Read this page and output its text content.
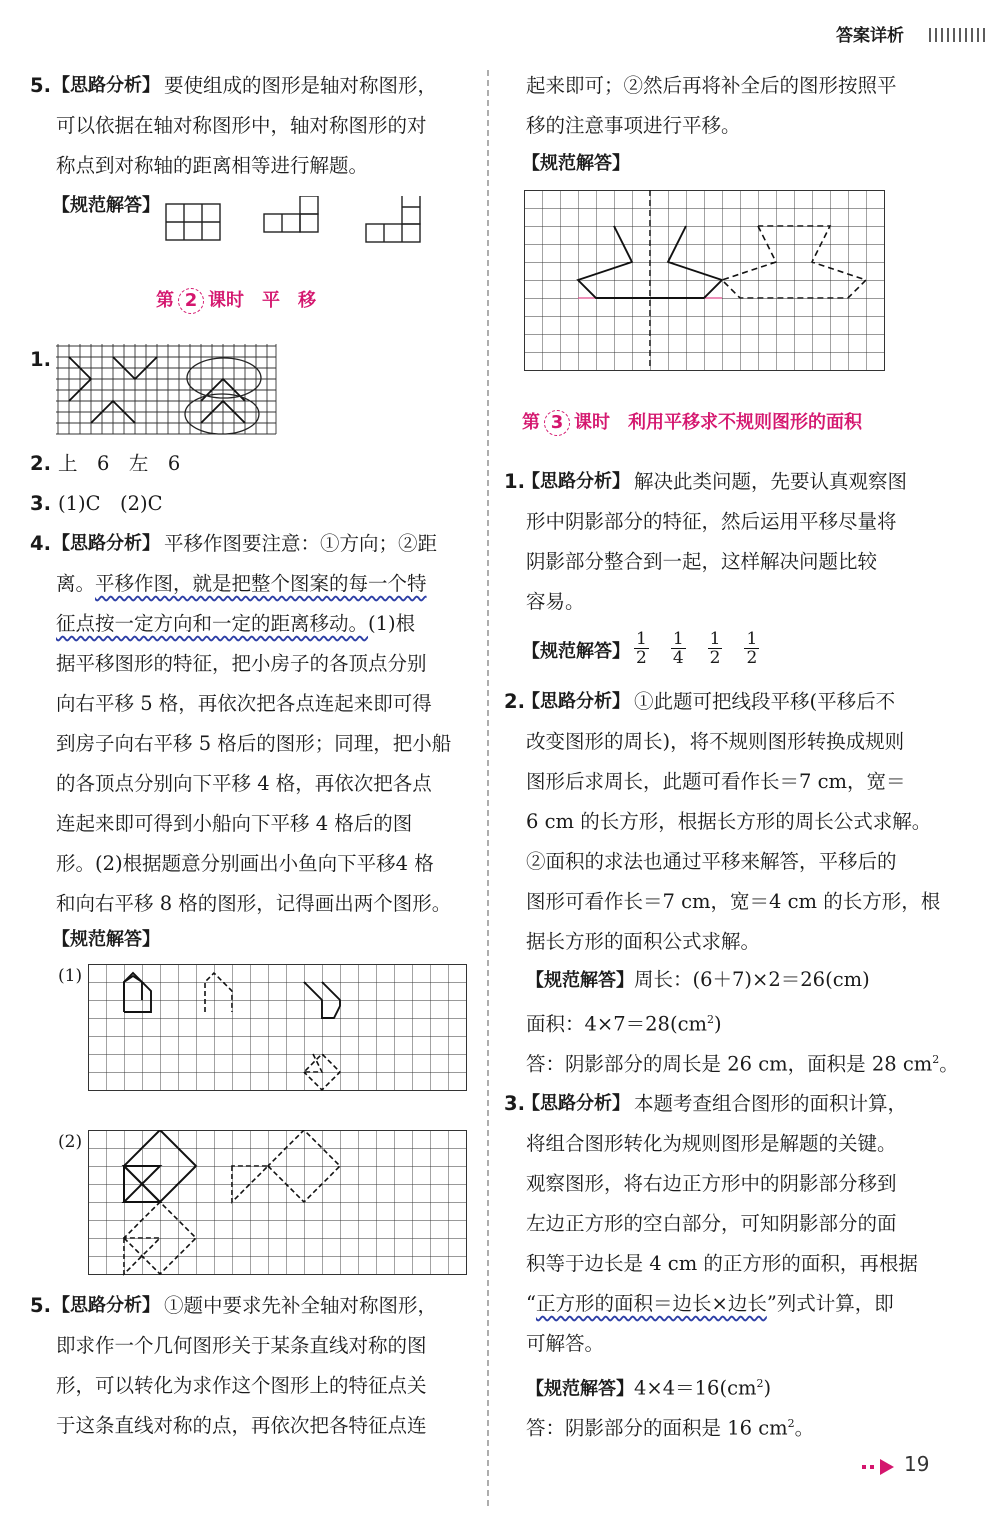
答案详析
5. 【思路分析】 要使组成的图形是轴对称图形，
可以依据在轴对称图形中，轴对称图形的对
称点到对称轴的距离相等进行解题。
【规范解答】
第 2 课时　平　移
1.
2. 上　6　左　6
3. (1)C　(2)C
4. 【思路分析】 平移作图要注意：①方向；②距
离。平移作图，就是把整个图案的每一个特
征点按一定方向和一定的距离移动。(1)根
据平移图形的特征，把小房子的各顶点分别
向右平移 5 格，再依次把各点连起来即可得
到房子向右平移 5 格后的图形；同理，把小船
的各顶点分别向下平移 4 格，再依次把各点
连起来即可得到小船向下平移 4 格后的图
形。(2)根据题意分别画出小鱼向下平移4 格
和向右平移 8 格的图形，记得画出两个图形。
【规范解答】
(1)
(2)
5. 【思路分析】 ①题中要求先补全轴对称图形，
即求作一个几何图形关于某条直线对称的图
形，可以转化为求作这个图形上的特征点关
于这条直线对称的点，再依次把各特征点连
起来即可；②然后再将补全后的图形按照平
移的注意事项进行平移。
【规范解答】
第 3 课时　利用平移求不规则图形的面积
1.
【思路分析】 解决此类问题，先要认真观察图
形中阴影部分的特征，然后运用平移尽量将
阴影部分整合到一起，这样解决问题比较
容易。
【规范解答】 $\frac{1}{2} \frac{1}{4} \frac{1}{2} \frac{1}{2}$
2.
【思路分析】 ①此题可把线段平移(平移后不
改变图形的周长)，将不规则图形转换成规则
图形后求周长，此题可看作长＝7 cm，宽＝
6 cm 的长方形，根据长方形的周长公式求解。
②面积的求法也通过平移来解答，平移后的
图形可看作长＝7 cm，宽＝4 cm 的长方形，根
据长方形的面积公式求解。
【规范解答】周长：(6＋7)×2＝26(cm)
面积：$4\times 7=28(cm^2)$
答：阴影部分的周长是 26 cm，面积是 28 $cm^2$。
3.
【思路分析】 本题考查组合图形的面积计算，
将组合图形转化为规则图形是解题的关键。
观察图形，将右边正方形中的阴影部分移到
左边正方形的空白部分，可知阴影部分的面
积等于边长是 4 cm 的正方形的面积，再根据
“正方形的面积＝边长×边长”列式计算，即
可解答。
【规范解答】$4\times 4=16(cm^2)$
答：阴影部分的面积是 16 $cm^2$。
19
